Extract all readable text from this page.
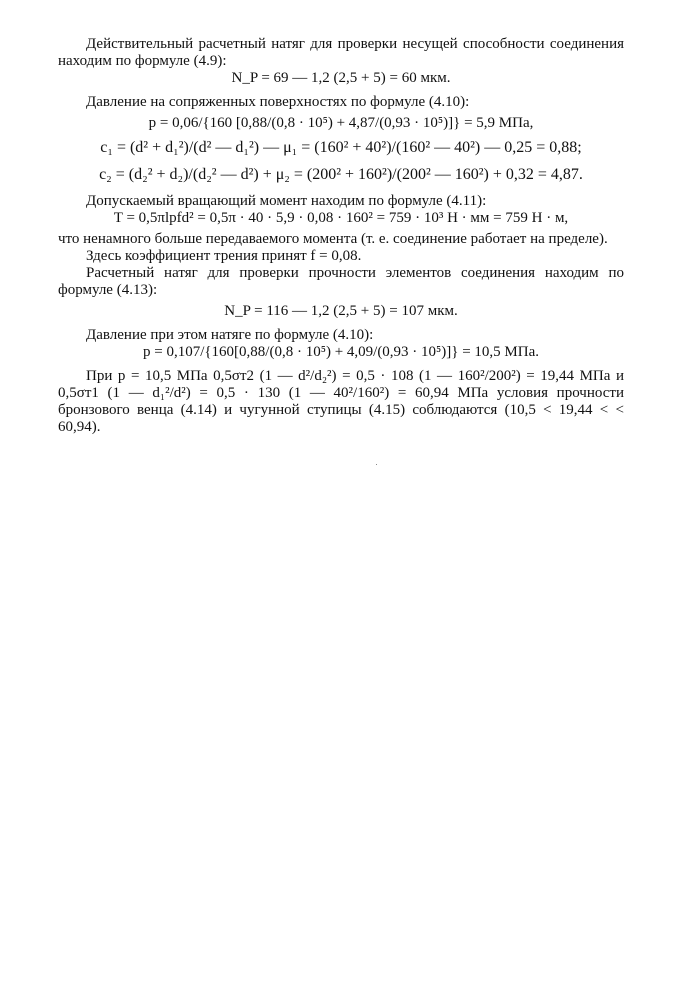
Действительный расчетный натяг для проверки несущей способности соединения находим по формуле (4.9):

N_P = 69 — 1,2 (2,5 + 5) = 60 мкм.

Давление на сопряженных поверхностях по формуле (4.10):

p = 0,06/{160 [0,88/(0,8 · 10⁵) + 4,87/(0,93 · 10⁵)]} = 5,9 МПа,
c₁ = (d² + d₁²)/(d² — d₁²) — μ₁ = (160² + 40²)/(160² — 40²) — 0,25 = 0,88;
c₂ = (d₂² + d₂)/(d₂² — d²) + μ₂ = (200² + 160²)/(200² — 160²) + 0,32 = 4,87.

Допускаемый вращающий момент находим по формуле (4.11):

T = 0,5πlpfd² = 0,5π · 40 · 5,9 · 0,08 · 160² = 759 · 10³ Н · мм = 759 Н · м,

что ненамного больше передаваемого момента (т. е. соединение работает на пределе).

Здесь коэффициент трения принят f = 0,08.

Расчетный натяг для проверки прочности элементов соединения находим по формуле (4.13):

N_P = 116 — 1,2 (2,5 + 5) = 107 мкм.

Давление при этом натяге по формуле (4.10):

p = 0,107/{160[0,88/(0,8 · 10⁵) + 4,09/(0,93 · 10⁵)]} = 10,5 МПа.

При p = 10,5 МПа 0,5σт2 (1 — d²/d₂²) = 0,5 · 108 (1 — 160²/200²) = 19,44 МПа и 0,5σт1 (1 — d₁²/d²) = 0,5 · 130 (1 — 40²/160²) = 60,94 МПа условия прочности бронзового венца (4.14) и чугунной ступицы (4.15) соблюдаются (10,5 < 19,44 < < 60,94).
